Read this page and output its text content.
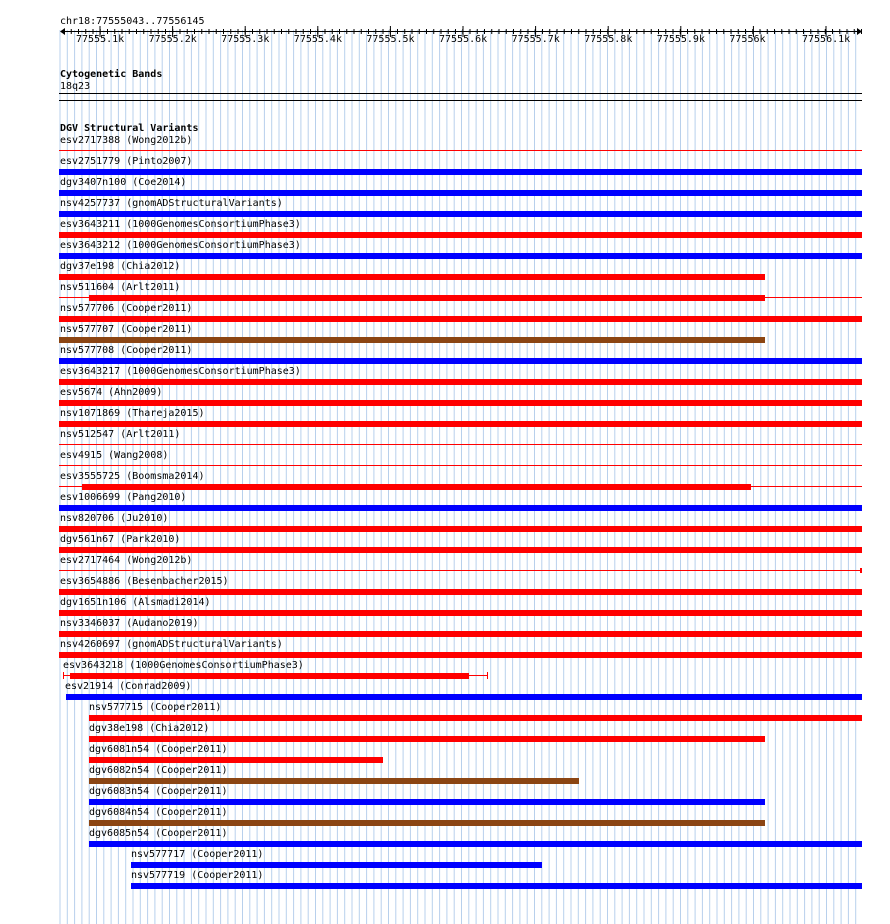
chr18:77555043..77556145
77555.1k 77555.2k 77555.3k 77555.4k 77555.5k 77555.6k 77555.7k 77555.8k 77555.9k 77556k	77556.1k
Cytogenetic Bands
18q23
DGV Structural Variants
esv2717388 (Wong2012b)
esv2751779 (Pinto2007)
dgv3407n100 (Coe2014)
nsv4257737 (gnomADStructuralVariants)
esv3643211 (1000GenomesConsortiumPhase3)
esv3643212 (1000GenomesConsortiumPhase3)
dgv37e198 (Chia2012)
nsv511604 (Arlt2011)
nsv577706 (Cooper2011)
nsv577707 (Cooper2011)
nsv577708 (Cooper2011)
esv3643217 (1000GenomesConsortiumPhase3)
esv5674 (Ahn2009)
nsv1071869 (Thareja2015)
nsv512547 (Arlt2011)
esv4915 (Wang2008)
esv3555725 (Boomsma2014)
esv1006699 (Pang2010)
nsv820706 (Ju2010)
dgv561n67 (Park2010)
esv2717464 (Wong2012b)
esv3654886 (Besenbacher2015)
dgv1651n106 (Alsmadi2014)
nsv3346037 (Audano2019)
nsv4260697 (gnomADStructuralVariants)
esv3643218 (1000GenomesConsortiumPhase3)
esv21914 (Conrad2009)
nsv577715 (Cooper2011)
dgv38e198 (Chia2012)
dgv6081n54 (Cooper2011)
dgv6082n54 (Cooper2011)
dgv6083n54 (Cooper2011)
dgv6084n54 (Cooper2011)
dgv6085n54 (Cooper2011)
nsv577717 (Cooper2011)
nsv577719 (Cooper2011)
